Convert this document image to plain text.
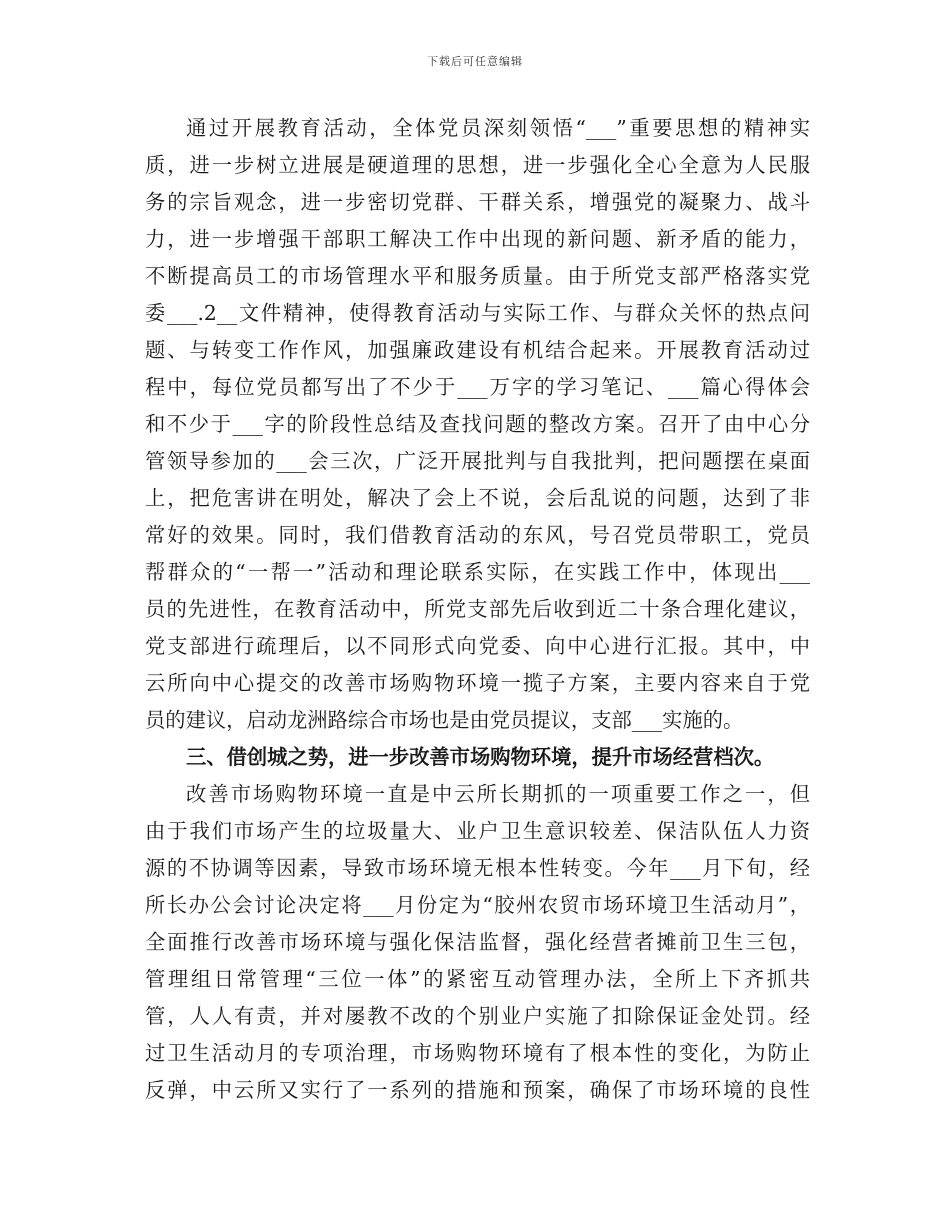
下载后可任意编辑
通过开展教育活动，全体党员深刻领悟“___”重要思想的精神实
质，进一步树立进展是硬道理的思想，进一步强化全心全意为人民服
务的宗旨观念，进一步密切党群、干群关系，增强党的凝聚力、战斗
力，进一步增强干部职工解决工作中出现的新问题、新矛盾的能力，
不断提高员工的市场管理水平和服务质量。由于所党支部严格落实党
委___.2__文件精神，使得教育活动与实际工作、与群众关怀的热点问
题、与转变工作作风，加强廉政建设有机结合起来。开展教育活动过
程中，每位党员都写出了不少于___万字的学习笔记、___篇心得体会
和不少于___字的阶段性总结及查找问题的整改方案。召开了由中心分
管领导参加的___会三次，广泛开展批判与自我批判，把问题摆在桌面
上，把危害讲在明处，解决了会上不说，会后乱说的问题，达到了非
常好的效果。同时，我们借教育活动的东风，号召党员带职工，党员
帮群众的“一帮一”活动和理论联系实际，在实践工作中，体现出___
员的先进性，在教育活动中，所党支部先后收到近二十条合理化建议，
党支部进行疏理后，以不同形式向党委、向中心进行汇报。其中，中
云所向中心提交的改善市场购物环境一揽子方案，主要内容来自于党
员的建议，启动龙洲路综合市场也是由党员提议，支部___实施的。
三、借创城之势，进一步改善市场购物环境，提升市场经营档次。
改善市场购物环境一直是中云所长期抓的一项重要工作之一，但
由于我们市场产生的垃圾量大、业户卫生意识较差、保洁队伍人力资
源的不协调等因素，导致市场环境无根本性转变。今年___月下旬，经
所长办公会讨论决定将___月份定为“胶州农贸市场环境卫生活动月”，
全面推行改善市场环境与强化保洁监督，强化经营者摊前卫生三包，
管理组日常管理“三位一体”的紧密互动管理办法，全所上下齐抓共
管，人人有责，并对屡教不改的个别业户实施了扣除保证金处罚。经
过卫生活动月的专项治理，市场购物环境有了根本性的变化，为防止
反弹，中云所又实行了一系列的措施和预案，确保了市场环境的良性
